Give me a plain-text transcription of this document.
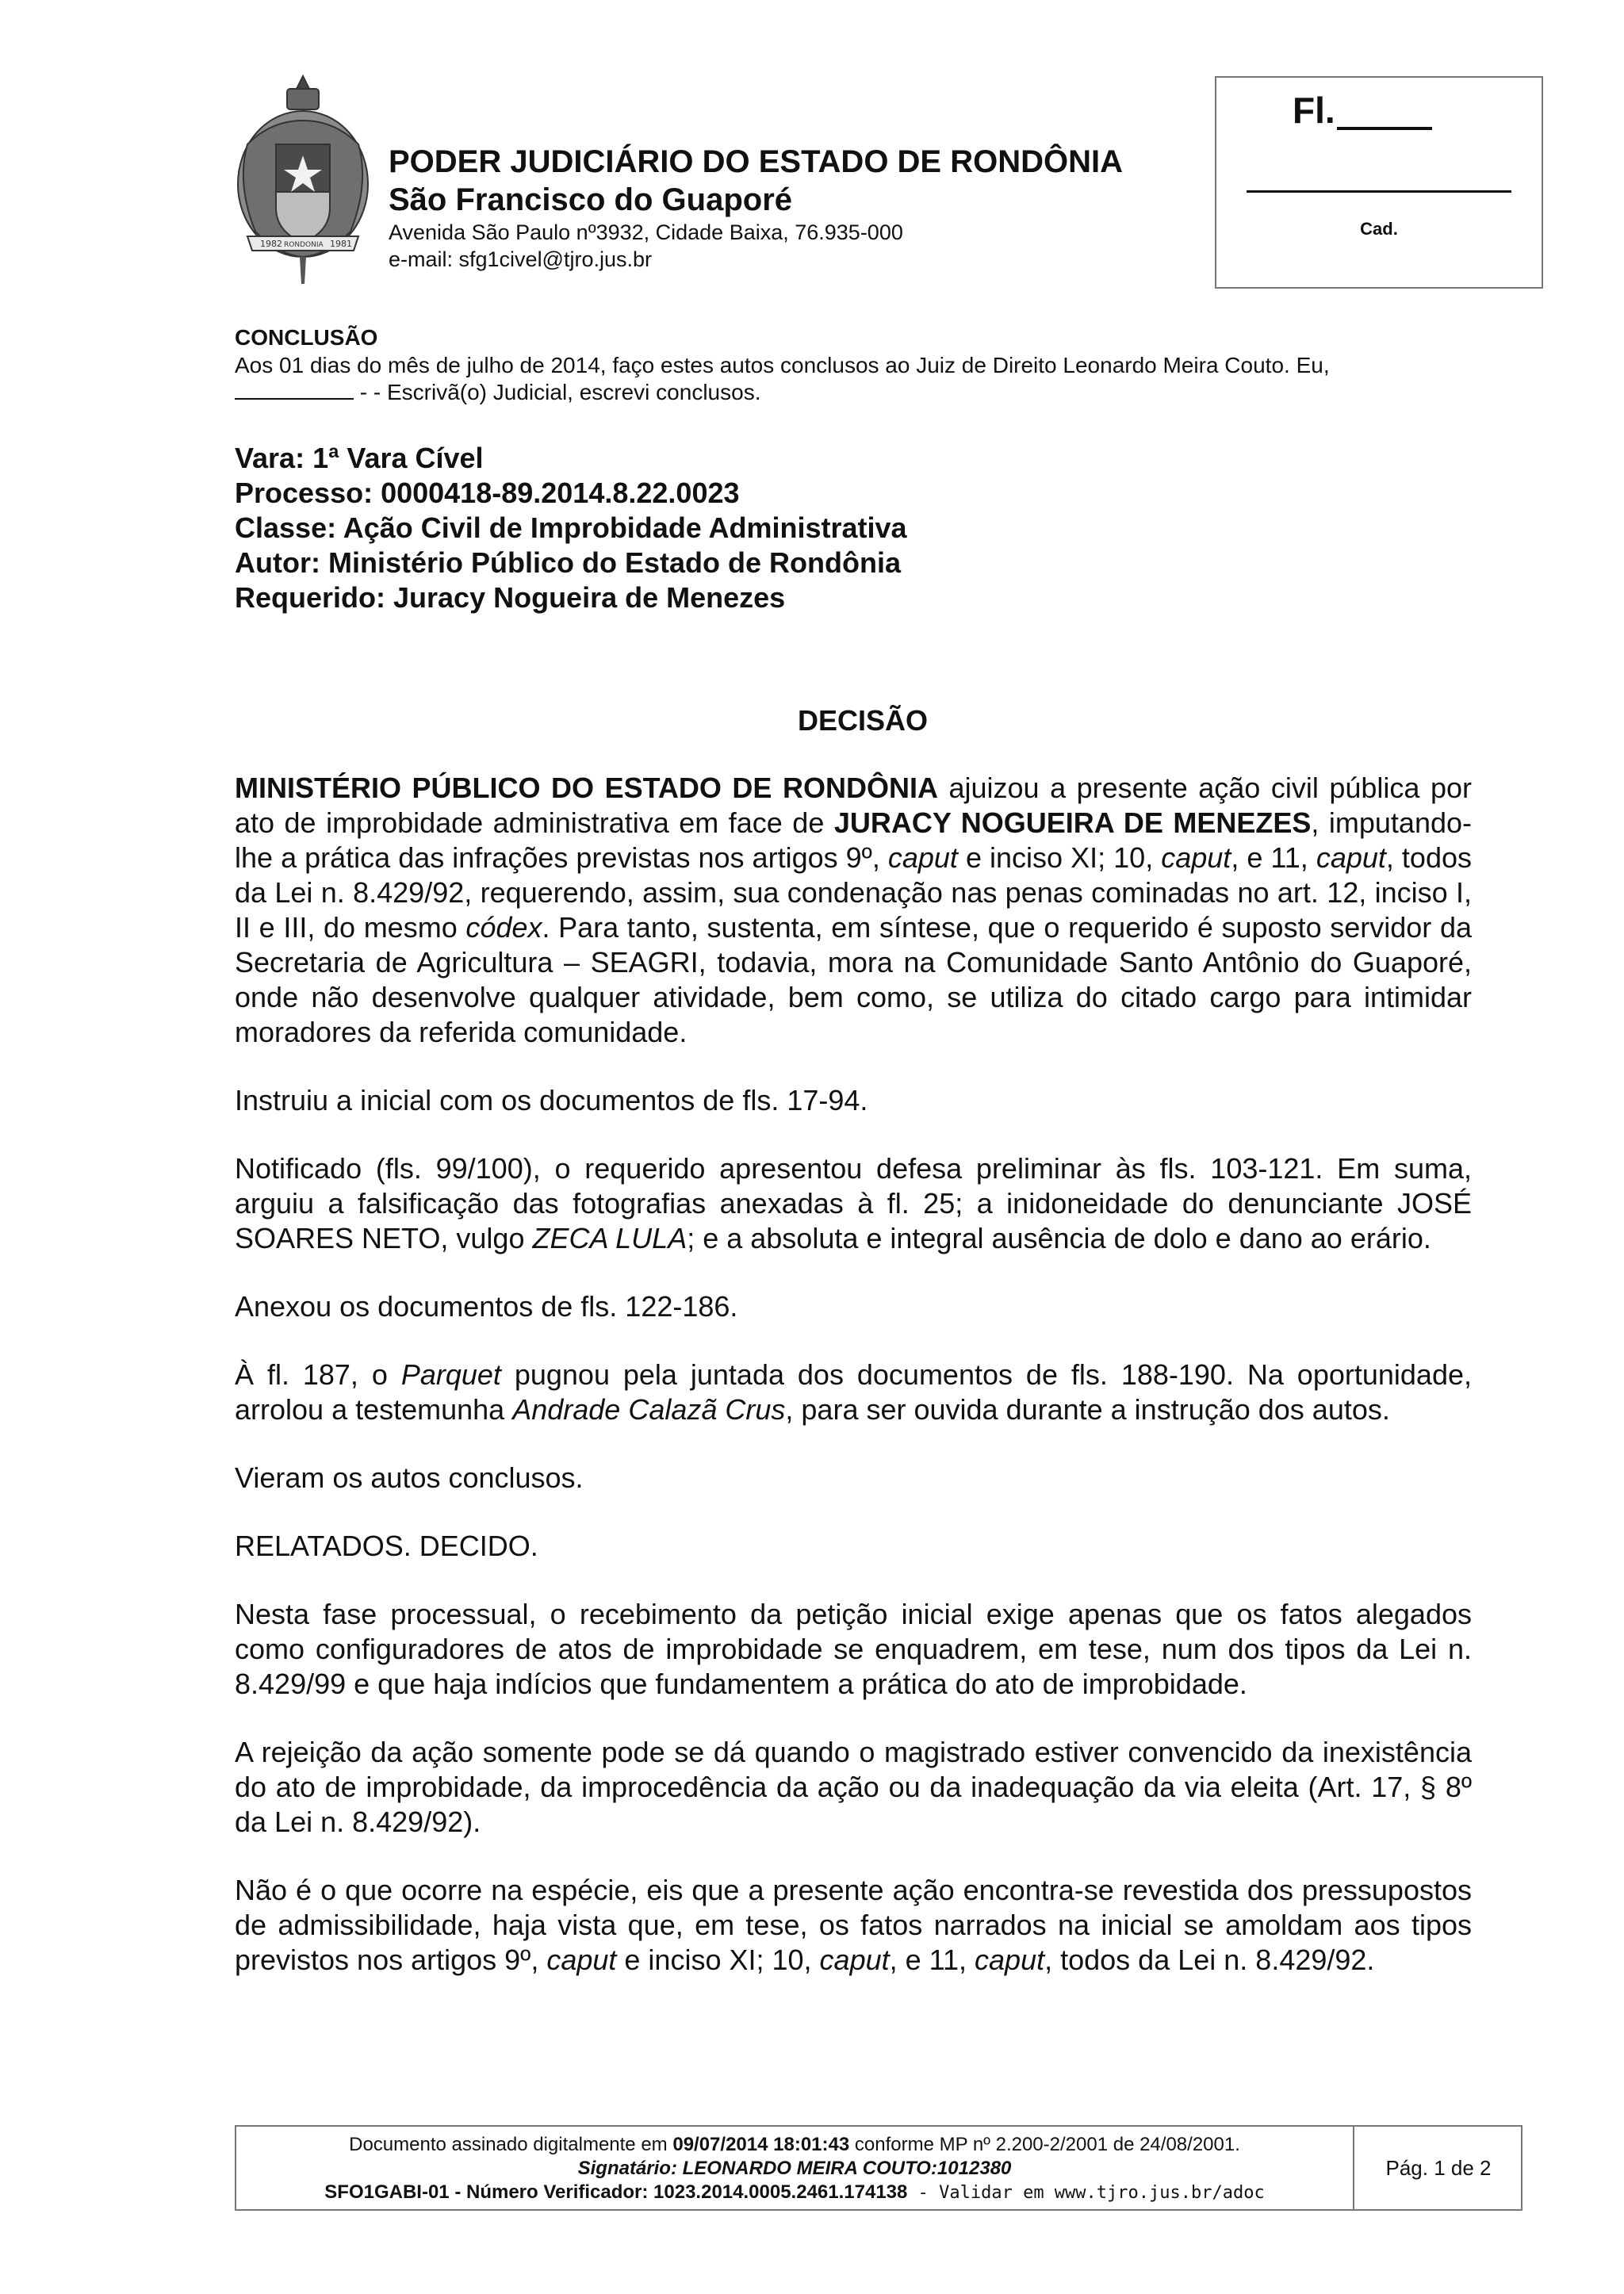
1982	1981
RONDONIA
PODER JUDICIÁRIO DO ESTADO DE RONDÔNIA
São Francisco do Guaporé
Avenida São Paulo nº3932, Cidade Baixa, 76.935-000
e-mail: sfg1civel@tjro.jus.br
Fl.
Cad.
CONCLUSÃO
Aos 01 dias do mês de julho de 2014, faço estes autos conclusos ao Juiz de Direito Leonardo Meira Couto. Eu,
- - Escrivã(o) Judicial, escrevi conclusos.
Vara: 1ª Vara Cível
Processo: 0000418-89.2014.8.22.0023
Classe: Ação Civil de Improbidade Administrativa
Autor: Ministério Público do Estado de Rondônia
Requerido: Juracy Nogueira de Menezes
DECISÃO

MINISTÉRIO PÚBLICO DO ESTADO DE RONDÔNIA ajuizou a presente ação civil pública por ato de improbidade administrativa em face de JURACY NOGUEIRA DE MENEZES, imputando-lhe a prática das infrações previstas nos artigos 9º, caput e inciso XI; 10, caput, e 11, caput, todos da Lei n. 8.429/92, requerendo, assim, sua condenação nas penas cominadas no art. 12, inciso I, II e III, do mesmo códex. Para tanto, sustenta, em síntese, que o requerido é suposto servidor da Secretaria de Agricultura – SEAGRI, todavia, mora na Comunidade Santo Antônio do Guaporé, onde não desenvolve qualquer atividade, bem como, se utiliza do citado cargo para intimidar moradores da referida comunidade.

Instruiu a inicial com os documentos de fls. 17-94.

Notificado (fls. 99/100), o requerido apresentou defesa preliminar às fls. 103-121. Em suma, arguiu a falsificação das fotografias anexadas à fl. 25; a inidoneidade do denunciante JOSÉ SOARES NETO, vulgo ZECA LULA; e a absoluta e integral ausência de dolo e dano ao erário.

Anexou os documentos de fls. 122-186.

À fl. 187, o Parquet pugnou pela juntada dos documentos de fls. 188-190. Na oportunidade, arrolou a testemunha Andrade Calazã Crus, para ser ouvida durante a instrução dos autos.

Vieram os autos conclusos.

RELATADOS. DECIDO.

Nesta fase processual, o recebimento da petição inicial exige apenas que os fatos alegados como configuradores de atos de improbidade se enquadrem, em tese, num dos tipos da Lei n. 8.429/99 e que haja indícios que fundamentem a prática do ato de improbidade.

A rejeição da ação somente pode se dá quando o magistrado estiver convencido da inexistência do ato de improbidade, da improcedência da ação ou da inadequação da via eleita (Art. 17, § 8º da Lei n. 8.429/92).

Não é o que ocorre na espécie, eis que a presente ação encontra-se revestida dos pressupostos de admissibilidade, haja vista que, em tese, os fatos narrados na inicial se amoldam aos tipos previstos nos artigos 9º, caput e inciso XI; 10, caput, e 11, caput, todos da Lei n. 8.429/92.

Documento assinado digitalmente em 09/07/2014 18:01:43 conforme MP nº 2.200-2/2001 de 24/08/2001.
Signatário: LEONARDO MEIRA COUTO:1012380
SFO1GABI-01 - Número Verificador: 1023.2014.0005.2461.174138 - Validar em www.tjro.jus.br/adoc
Pág. 1 de 2
